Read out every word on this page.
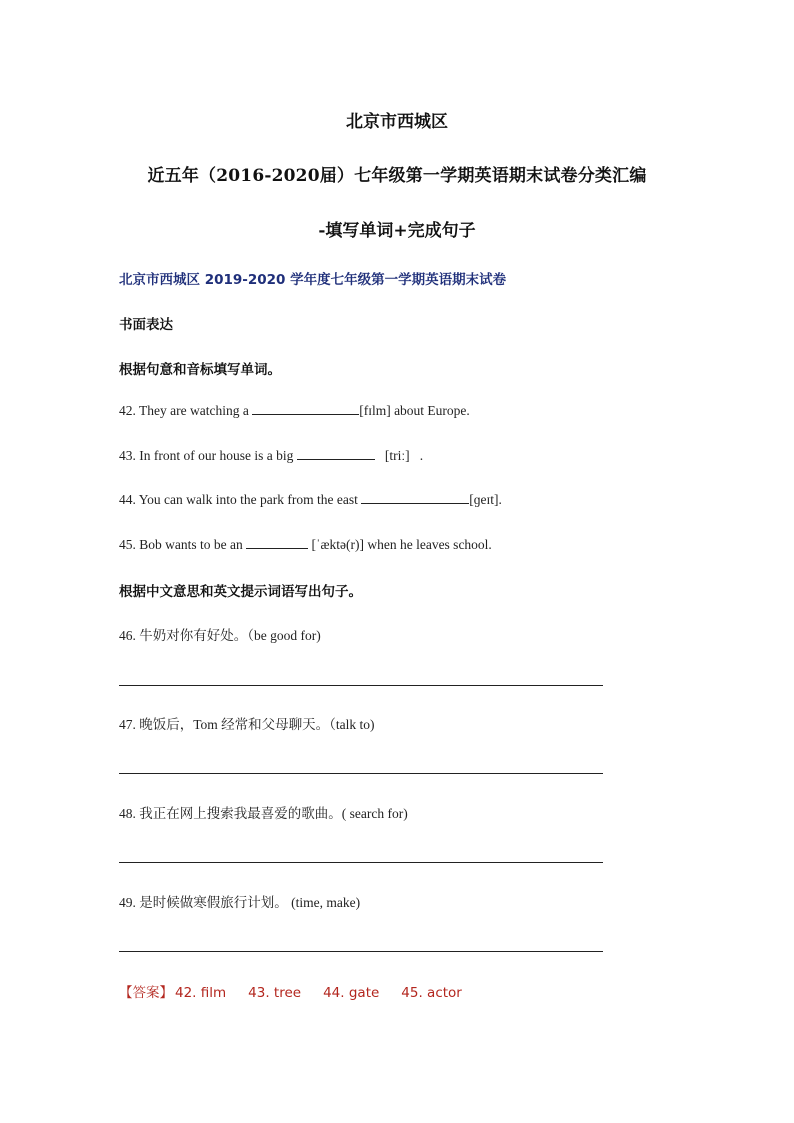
北京市西城区
近五年（2016-2020届）七年级第一学期英语期末试卷分类汇编
-填写单词+完成句子
北京市西城区 2019-2020 学年度七年级第一学期英语期末试卷
书面表达
根据句意和音标填写单词。
42. They are watching a	[fɪlm] about Europe.
43. In front of our house is a big	[triː]   .
44. You can walk into the park from the east	[ɡeɪt].
45. Bob wants to be an	[ˈæktə(r)] when he leaves school.
根据中文意思和英文提示词语写出句子。
46. 牛奶对你有好处。（be good for)
47. 晚饭后，Tom 经常和父母聊天。（talk to)
48. 我正在网上搜索我最喜爱的歌曲。( search for)
49. 是时候做寒假旅行计划。 (time, make)
【答案】 42. film 43. tree 44. gate 45. actor
